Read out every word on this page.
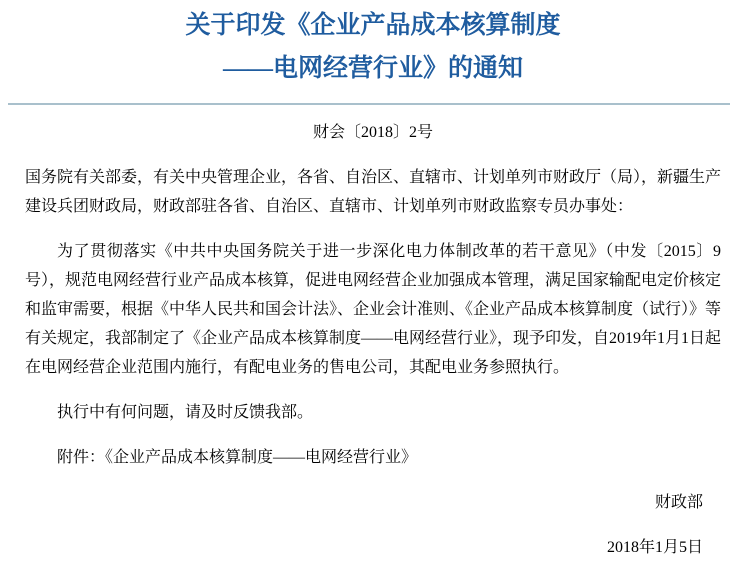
关于印发《企业产品成本核算制度
——电网经营行业》的通知
财会〔2018〕2号

国务院有关部委，有关中央管理企业，各省、自治区、直辖市、计划单列市财政厅（局），新疆生产建设兵团财政局，财政部驻各省、自治区、直辖市、计划单列市财政监察专员办事处：

为了贯彻落实《中共中央国务院关于进一步深化电力体制改革的若干意见》（中发〔2015〕9号），规范电网经营行业产品成本核算，促进电网经营企业加强成本管理，满足国家输配电定价核定和监审需要，根据《中华人民共和国会计法》、企业会计准则、《企业产品成本核算制度（试行）》等有关规定，我部制定了《企业产品成本核算制度——电网经营行业》，现予印发，自2019年1月1日起在电网经营企业范围内施行，有配电业务的售电公司，其配电业务参照执行。

执行中有何问题，请及时反馈我部。

附件：《企业产品成本核算制度——电网经营行业》

财政部

2018年1月5日
